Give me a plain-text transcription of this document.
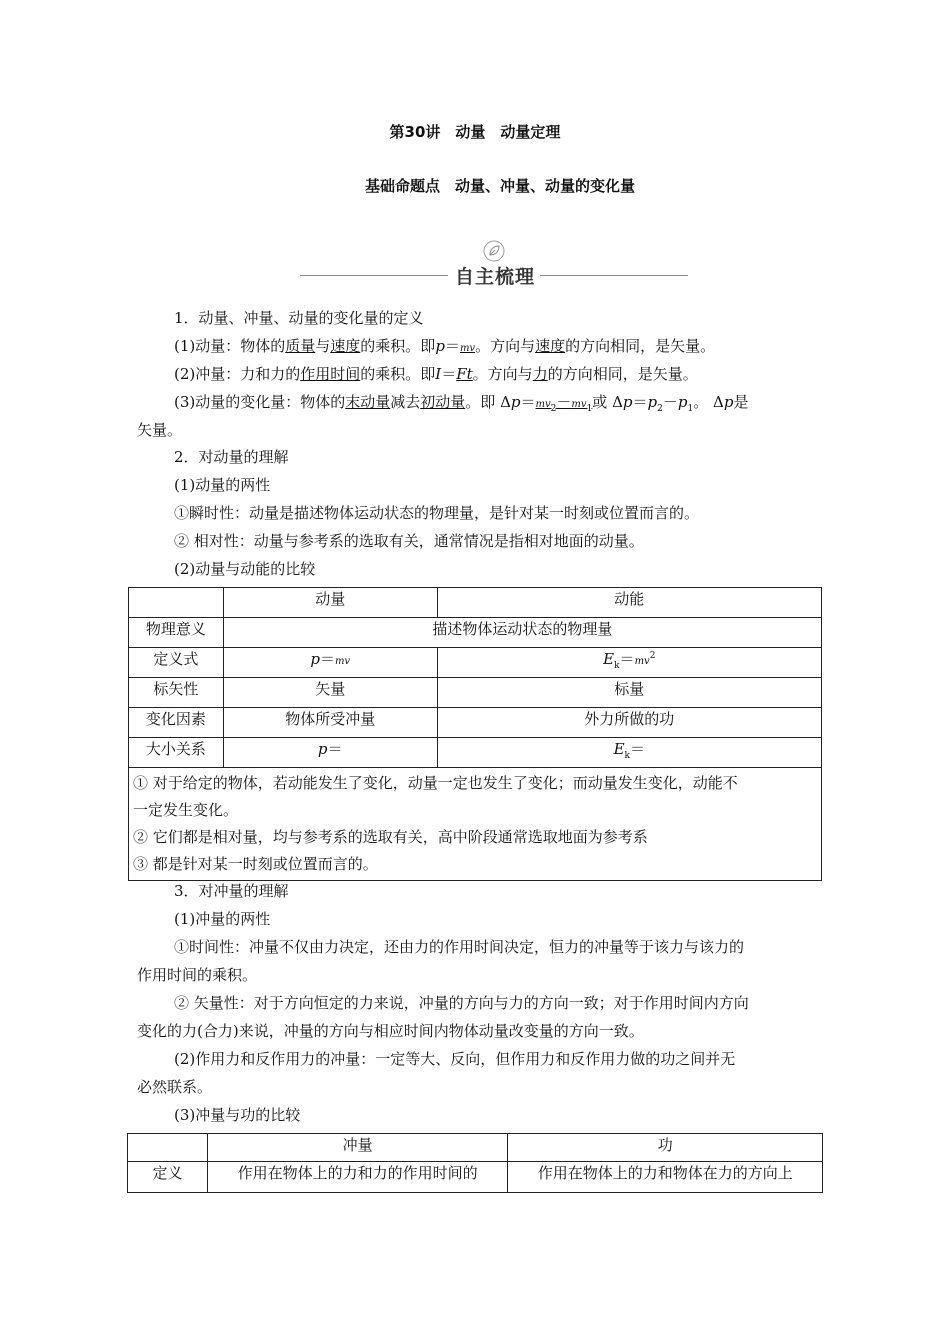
第30讲　动量　动量定理
基础命题点　动量、冲量、动量的变化量
自主梳理
1．动量、冲量、动量的变化量的定义
(1)动量：物体的质量与速度的乘积。即p＝mv。方向与速度的方向相同，是矢量。
(2)冲量：力和力的作用时间的乘积。即I＝Ft。方向与力的方向相同，是矢量。
(3)动量的变化量：物体的末动量减去初动量。即 $\Delta p=mv_2-mv_1$或 $\Delta p=p_2-p_1$。 Δp是
矢量。
2．对动量的理解
(1)动量的两性
①瞬时性：动量是描述物体运动状态的物理量，是针对某一时刻或位置而言的。
② 相对性：动量与参考系的选取有关，通常情况是指相对地面的动量。
(2)动量与动能的比较
	动量	动能
物理意义	描述物体运动状态的物理量	
定义式	p＝mv	$E_k=mv^2$
标矢性	矢量	标量
变化因素	物体所受冲量	外力所做的功
大小关系	p＝	$E_k=$

① 对于给定的物体，若动能发生了变化，动量一定也发生了变化；而动量发生变化，动能不
一定发生变化。
② 它们都是相对量，均与参考系的选取有关，高中阶段通常选取地面为参考系
③ 都是针对某一时刻或位置而言的。		
3．对冲量的理解
(1)冲量的两性
①时间性：冲量不仅由力决定，还由力的作用时间决定，恒力的冲量等于该力与该力的
作用时间的乘积。
② 矢量性：对于方向恒定的力来说，冲量的方向与力的方向一致；对于作用时间内方向
变化的力(合力)来说，冲量的方向与相应时间内物体动量改变量的方向一致。
(2)作用力和反作用力的冲量：一定等大、反向，但作用力和反作用力做的功之间并无
必然联系。
(3)冲量与功的比较
	冲量	功
定义	作用在物体上的力和力的作用时间的	作用在物体上的力和物体在力的方向上
